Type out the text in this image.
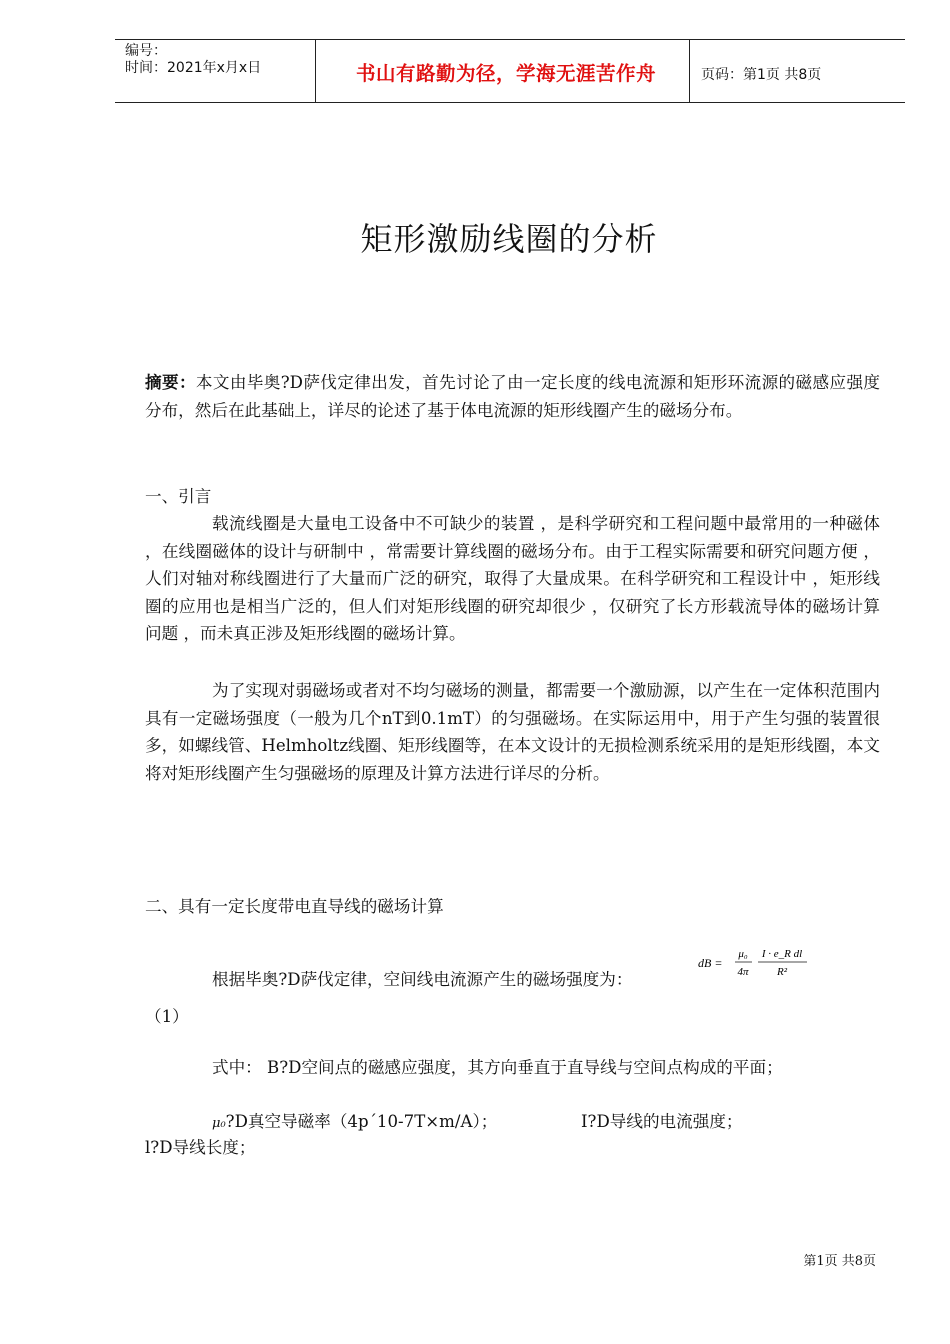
编号：
时间：2021年x月x日	书山有路勤为径，学海无涯苦作舟	页码：第1页 共8页
矩形激励线圈的分析
摘要：本文由毕奥?D萨伐定律出发，首先讨论了由一定长度的线电流源和矩形环流源的磁感应强度分布，然后在此基础上，详尽的论述了基于体电流源的矩形线圈产生的磁场分布。
一、引言
载流线圈是大量电工设备中不可缺少的装置 ，是科学研究和工程问题中最常用的一种磁体 ，在线圈磁体的设计与研制中 ，常需要计算线圈的磁场分布。由于工程实际需要和研究问题方便 ，人们对轴对称线圈进行了大量而广泛的研究，取得了大量成果。在科学研究和工程设计中 ，矩形线圈的应用也是相当广泛的，但人们对矩形线圈的研究却很少 ，仅研究了长方形载流导体的磁场计算问题 ，而未真正涉及矩形线圈的磁场计算。
为了实现对弱磁场或者对不均匀磁场的测量，都需要一个激励源，以产生在一定体积范围内具有一定磁场强度（一般为几个nT到0.1mT）的匀强磁场。在实际运用中，用于产生匀强的装置很多，如螺线管、Helmholtz线圈、矩形线圈等，在本文设计的无损检测系统采用的是矩形线圈，本文将对矩形线圈产生匀强磁场的原理及计算方法进行详尽的分析。
二、具有一定长度带电直导线的磁场计算
根据毕奥?D萨伐定律，空间线电流源产生的磁场强度为：
dB =
μ₀
4π
I · e_R dl
R²
（1）
式中： B?D空间点的磁感应强度，其方向垂直于直导线与空间点构成的平面；
μ₀?D真空导磁率（4p´10-7T×m/A）；	I?D导线的电流强度；
l?D导线长度；
第1页 共8页
